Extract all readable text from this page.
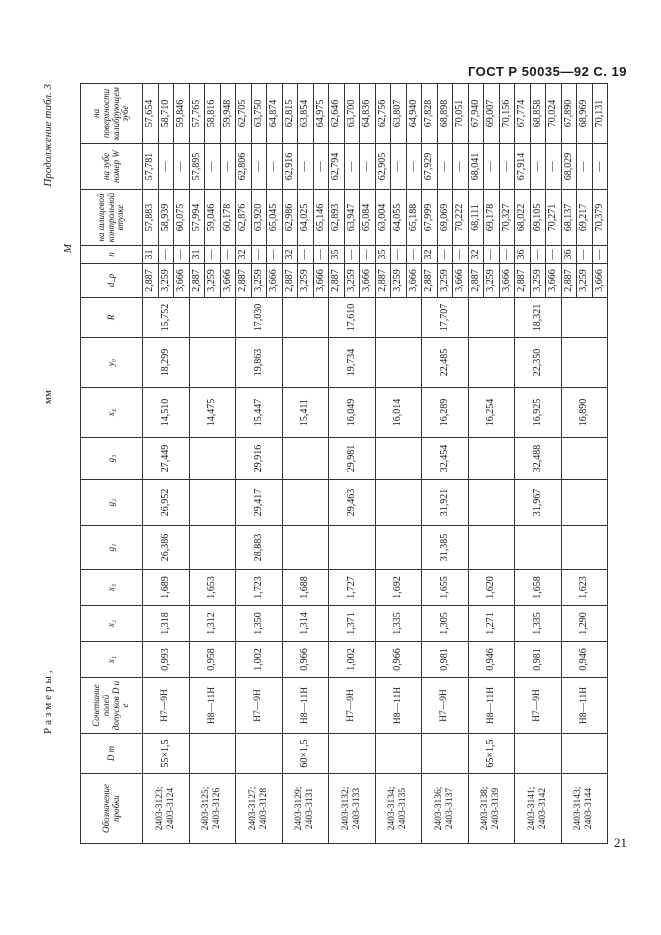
ГОСТ Р 50035—92 С. 19
Продолжение табл. 3
Размеры,
мм
M
Обозначение пробки	D m	Сочетание полей допусков D и e	x₁	x₂	x₃	g₁	g₂	g₃	x₄	y₀	R	d_p	n	на шлицевой контрольной втулке	на зубе номер W	на поверхности калибрующем зубе
2403-3123; 2403-3124	55×1,5	H7—9H	0,993	1,318	1,689	26,386	26,952	27,449	14,510	18,299	15,752	2,887	31	57,883	57,781	57,654
												3,259	—	58,939	—	58,710
												3,666	—	60,075	—	59,846
2403-3125; 2403-3126		H8—11H	0,958	1,312	1,653				14,475			2,887	31	57,994	57,895	57,765
												3,259	—	59,046	—	58,816
												3,666	—	60,178	—	59,948
2403-3127; 2403-3128		H7—9H	1,002	1,350	1,723	28,883	29,417	29,916	15,447	19,863	17,030	2,887	32	62,876	62,806	62,705
												3,259	—	63,920	—	63,750
												3,666	—	65,045	—	64,874
2403-3129; 2403-3131	60×1,5	H8—11H	0,966	1,314	1,688				15,411			2,887	32	62,986	62,916	62,815
												3,259	—	64,025	—	63,854
												3,666	—	65,146	—	64,975
2403-3132; 2403-3133		H7—9H	1,002	1,371	1,727		29,463	29,981	16,049	19,734	17,610	2,887	35	62,893	62,794	62,646
												3,259	—	63,947	—	63,700
												3,666	—	65,084	—	64,836
2403-3134; 2403-3135		H8—11H	0,966	1,335	1,692				16,014			2,887	35	63,004	62,905	62,756
												3,259	—	64,055	—	63,807
												3,666	—	65,188	—	64,940
2403-3136; 2403-3137		H7—9H	0,981	1,305	1,655	31,385	31,921	32,454	16,289	22,485	17,707	2,887	32	67,999	67,929	67,828
												3,259	—	69,069	—	68,898
												3,666	—	70,222	—	70,051
2403-3138; 2403-3139	65×1,5	H8—11H	0,946	1,271	1,620				16,254			2,887	32	68,111	68,041	67,940
												3,259	—	69,178	—	69,007
												3,666	—	70,327	—	70,156
2403-3141; 2403-3142		H7—9H	0,981	1,335	1,658		31,967	32,488	16,925	22,350	18,321	2,887	36	68,022	67,914	67,774
												3,259	—	69,105	—	68,858
												3,666	—	70,271	—	70,024
2403-3143; 2403-3144		H8—11H	0,946	1,290	1,623				16,890			2,887	36	68,137	68,029	67,890
												3,259	—	69,217	—	68,969
												3,666	—	70,379	—	70,131
21
